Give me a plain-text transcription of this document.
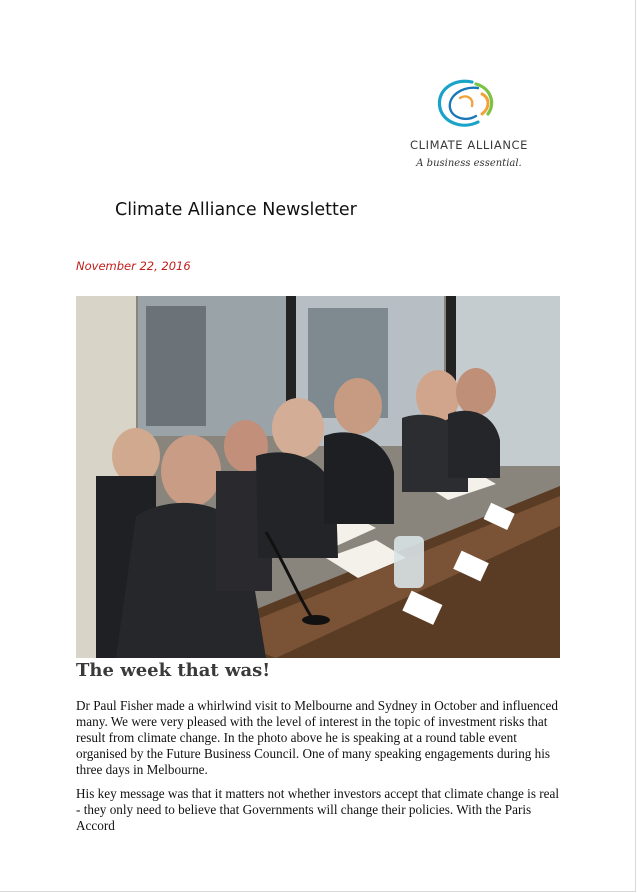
CLIMATE ALLIANCE
A business essential.
Climate Alliance Newsletter
November 22, 2016
The week that was!

Dr Paul Fisher made a whirlwind visit to Melbourne and Sydney in October and influenced many. We were very pleased with the level of interest in the topic of investment risks that result from climate change. In the photo above he is speaking at a round table event organised by the Future Business Council. One of many speaking engagements during his three days in Melbourne.

His key message was that it matters not whether investors accept that climate change is real - they only need to believe that Governments will change their policies. With the Paris Accord
